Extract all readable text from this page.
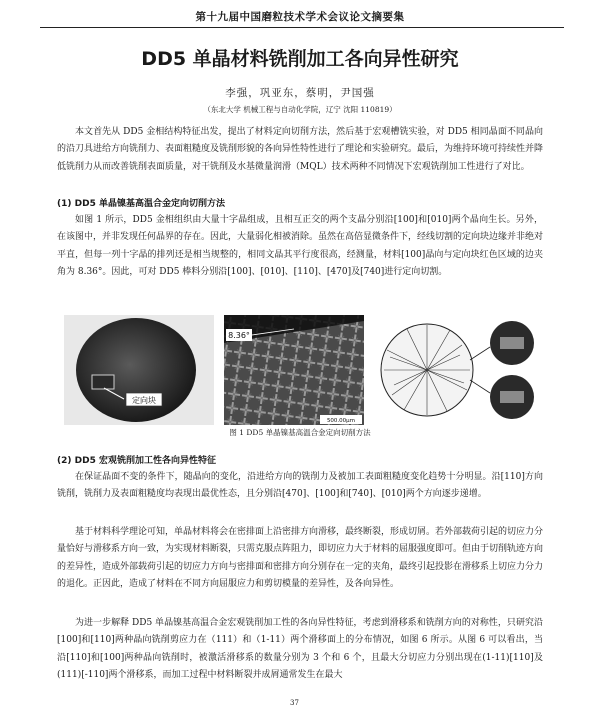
第十九届中国磨粒技术学术会议论文摘要集
DD5 单晶材料铣削加工各向异性研究
李强，巩亚东，蔡明，尹国强
（东北大学 机械工程与自动化学院，辽宁 沈阳 110819）

本文首先从 DD5 金相结构特征出发，提出了材料定向切削方法，然后基于宏观槽铣实验，对 DD5 相同晶面不同晶向的沿刀具进给方向铣削力、表面粗糙度及铣削形貌的各向异性特性进行了理论和实验研究。最后，为维持环境可持续性并降低铣削力从而改善铣削表面质量，对干铣削及水基微量润滑（MQL）技术两种不同情况下宏观铣削加工性进行了对比。

(1) DD5 单晶镍基高温合金定向切削方法

如图 1 所示，DD5 金相组织由大量十字晶组成，且相互正交的两个支晶分别沿[100]和[010]两个晶向生长。另外，在该图中，并非发现任何晶界的存在。因此，大量弱化相被消除。虽然在高倍显微条件下，经线切割的定向块边缘并非绝对平直，但每一列十字晶的排列还是相当规整的，相同文晶其平行度很高，经测量，材料[100]晶向与定向块红色区域的边夹角为 8.36°。因此，可对 DD5 棒料分别沿[100]、[010]、[110]、[470]及[740]进行定向切割。

定向块
8.36°
500.00μm
图 1 DD5 单晶镍基高温合金定向切削方法

(2) DD5 宏观铣削加工性各向异性特征

在保证晶面不变的条件下，随晶向的变化，沿进给方向的铣削力及被加工表面粗糙度变化趋势十分明显。沿[110]方向铣削，铣削力及表面粗糙度均表现出最优性态，且分别沿[470]、[100]和[740]、[010]两个方向逐步递增。

基于材料科学理论可知，单晶材料将会在密排面上沿密排方向滑移，最终断裂，形成切屑。若外部载荷引起的切应力分量恰好与滑移系方向一致，为实现材料断裂，只需克服点阵阻力，即切应力大于材料的屈服强度即可。但由于切削轨迹方向的差异性，造成外部载荷引起的切应力方向与密排面和密排方向分别存在一定的夹角，最终引起投影在滑移系上切应力分力的退化。正因此，造成了材料在不同方向屈服应力和剪切模量的差异性，及各向异性。

为进一步解释 DD5 单晶镍基高温合金宏观铣削加工性的各向异性特征，考虑到滑移系和铣削方向的对称性，只研究沿[100]和[110]两种晶向铣削剪应力在（111）和（1-11）两个滑移面上的分布情况，如图 6 所示。从图 6 可以看出，当沿[110]和[100]两种晶向铣削时，被激活滑移系的数量分别为 3 个和 6 个，且最大分切应力分别出现在(1-11)[110]及(111)[-110]两个滑移系，而加工过程中材料断裂并成屑通常发生在最大

37
